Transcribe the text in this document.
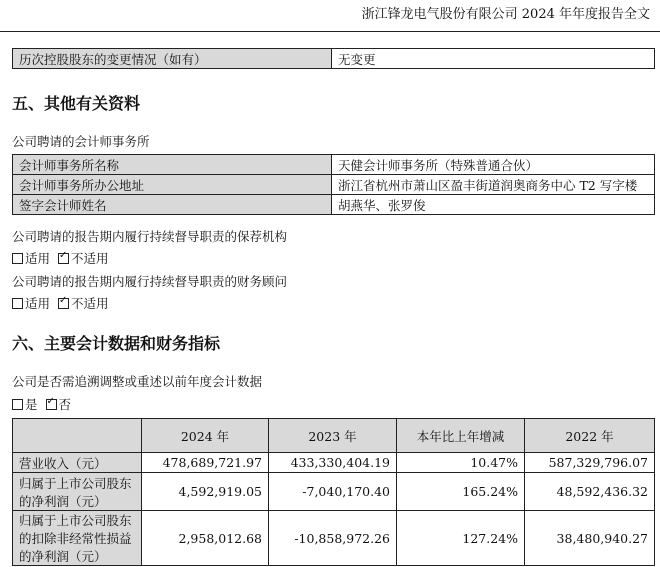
浙江锋龙电气股份有限公司 2024 年年度报告全文
历次控股股东的变更情况（如有）	无变更
五、其他有关资料
公司聘请的会计师事务所
会计师事务所名称	天健会计师事务所（特殊普通合伙）
会计师事务所办公地址	浙江省杭州市萧山区盈丰街道润奥商务中心 T2 写字楼
签字会计师姓名	胡燕华、张罗俊
公司聘请的报告期内履行持续督导职责的保荐机构
适用 ✓ 不适用
公司聘请的报告期内履行持续督导职责的财务顾问
适用 ✓ 不适用
六、主要会计数据和财务指标
公司是否需追溯调整或重述以前年度会计数据
是 ✓ 否
	2024 年	2023 年	本年比上年增减	2022 年
营业收入（元）	478,689,721.97	433,330,404.19	10.47%	587,329,796.07
归属于上市公司股东的净利润（元）	4,592,919.05	-7,040,170.40	165.24%	48,592,436.32
归属于上市公司股东的扣除非经常性损益的净利润（元）	2,958,012.68	-10,858,972.26	127.24%	38,480,940.27
